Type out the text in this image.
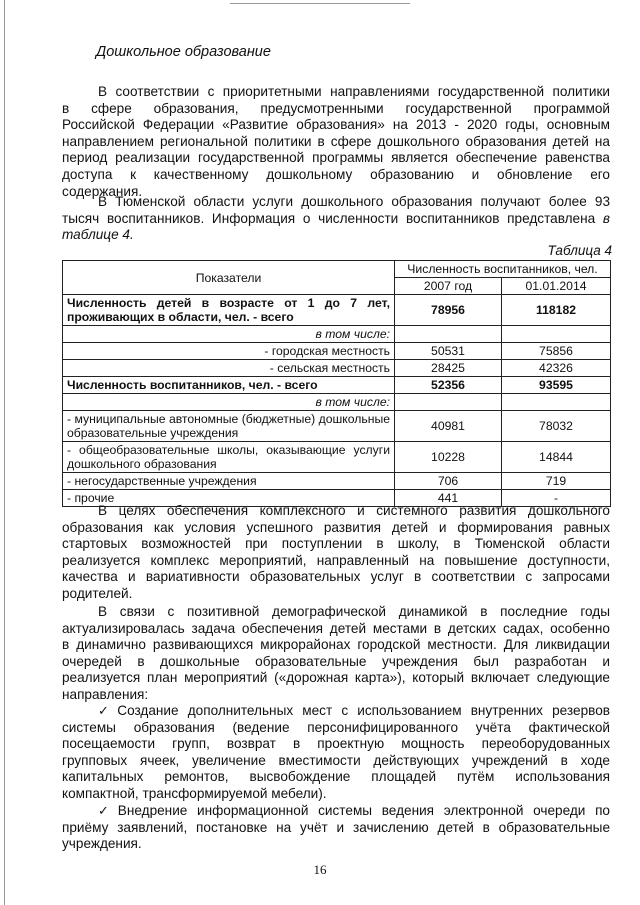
Дошкольное образование
В соответствии с приоритетными направлениями государственной политики
в сфере образования, предусмотренными государственной программой
Российской Федерации «Развитие образования» на 2013 - 2020 годы, основным
направлением региональной политики в сфере дошкольного образования детей на
период реализации государственной программы является обеспечение равенства
доступа к качественному дошкольному образованию и обновление его
содержания.
В Тюменской области услуги дошкольного образования получают более 93
тысяч воспитанников. Информация о численности воспитанников представлена в
таблице 4.
Таблица 4
Показатели	Численность воспитанников, чел.	
	2007 год	01.01.2014
Численность детей в возрасте от 1 до 7 лет, проживающих в области, чел. - всего	78956	118182
в том числе:		
- городская местность	50531	75856
- сельская местность	28425	42326
Численность воспитанников, чел. - всего	52356	93595
в том числе:		
- муниципальные автономные (бюджетные) дошкольные образовательные учреждения	40981	78032
- общеобразовательные школы, оказывающие услуги дошкольного образования	10228	14844
- негосударственные учреждения	706	719
- прочие	441	-
В целях обеспечения комплексного и системного развития дошкольного
образования как условия успешного развития детей и формирования равных
стартовых возможностей при поступлении в школу, в Тюменской области
реализуется комплекс мероприятий, направленный на повышение доступности,
качества и вариативности образовательных услуг в соответствии с запросами
родителей.
В связи с позитивной демографической динамикой в последние годы
актуализировалась задача обеспечения детей местами в детских садах, особенно
в динамично развивающихся микрорайонах городской местности. Для ликвидации
очередей в дошкольные образовательные учреждения был разработан и
реализуется план мероприятий («дорожная карта»), который включает следующие
направления:
✓ Создание дополнительных мест с использованием внутренних резервов
системы образования (ведение персонифицированного учёта фактической
посещаемости групп, возврат в проектную мощность переоборудованных
групповых ячеек, увеличение вместимости действующих учреждений в ходе
капитальных ремонтов, высвобождение площадей путём использования
компактной, трансформируемой мебели).
✓ Внедрение информационной системы ведения электронной очереди по
приёму заявлений, постановке на учёт и зачислению детей в образовательные
учреждения.
16
